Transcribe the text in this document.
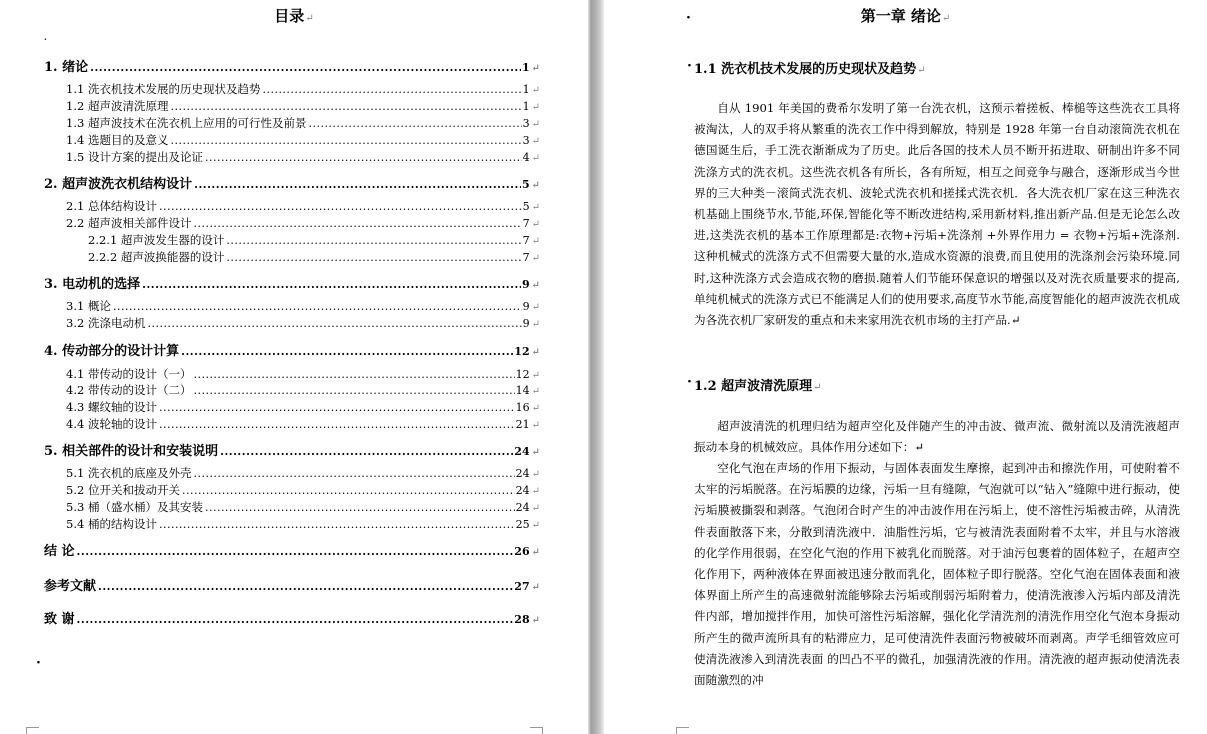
目录↵
·
1. 绪论 .....	1 ↵
1.1 洗衣机技术发展的历史现状及趋势 .....	1 ↵
1.2 超声波清洗原理 .....	1 ↵
1.3 超声波技术在洗衣机上应用的可行性及前景 .....	3 ↵
1.4 选题目的及意义 .....	3 ↵
1.5 设计方案的提出及论证 .....	4 ↵
2. 超声波洗衣机结构设计 .....	5 ↵
2.1 总体结构设计 .....	5 ↵
2.2 超声波相关部件设计 .....	7 ↵
2.2.1 超声波发生器的设计 .....	7 ↵
2.2.2 超声波换能器的设计 .....	7 ↵
3. 电动机的选择 .....	9 ↵
3.1 概论 .....	9 ↵
3.2 洗涤电动机 .....	9 ↵
4. 传动部分的设计计算 .....	12 ↵
4.1 带传动的设计（一） .....	12 ↵
4.2 带传动的设计（二） .....	14 ↵
4.3 螺纹轴的设计 .....	16 ↵
4.4 波轮轴的设计 .....	21 ↵
5. 相关部件的设计和安装说明 .....	24 ↵
5.1 洗衣机的底座及外壳 .....	24 ↵
5.2 位开关和拔动开关 .....	24 ↵
5.3 桶（盛水桶）及其安装 .....	24 ↵
5.4 桶的结构设计 .....	25 ↵
结 论 .....	26 ↵
参考文献 .....	27 ↵
致 谢 .....	28 ↵
·
·	第一章 绪论↵
· 1.1 洗衣机技术发展的历史现状及趋势↵

自从 1901 年美国的费希尔发明了第一台洗衣机，这预示着搓板、棒槌等这些洗衣工具将被淘汰，人的双手将从繁重的洗衣工作中得到解放，特别是 1928 年第一台自动滚筒洗衣机在德国诞生后，手工洗衣渐渐成为了历史。此后各国的技术人员不断开拓进取、研制出许多不同洗涤方式的洗衣机。这些洗衣机各有所长，各有所短，相互之间竞争与融合，逐渐形成当今世界的三大种类－滚筒式洗衣机、波轮式洗衣机和搓揉式洗衣机．各大洗衣机厂家在这三种洗衣机基础上围绕节水,节能,环保,智能化等不断改进结构,采用新材料,推出新产品.但是无论怎么改进,这类洗衣机的基本工作原理都是:衣物+污垢+洗涤剂 +外界作用力 = 衣物+污垢+洗涤剂.这种机械式的洗涤方式不但需要大量的水,造成水资源的浪费,而且使用的洗涤剂会污染环境.同时,这种洗涤方式会造成衣物的磨损.随着人们节能环保意识的增强以及对洗衣质量要求的提高,单纯机械式的洗涤方式已不能满足人们的使用要求,高度节水节能,高度智能化的超声波洗衣机成为各洗衣机厂家研发的重点和未来家用洗衣机市场的主打产品.↵

· 1.2 超声波清洗原理↵

超声波清洗的机理归结为超声空化及伴随产生的冲击波、微声流、微射流以及清洗液超声振动本身的机械效应。具体作用分述如下：↵

空化气泡在声场的作用下振动，与固体表面发生摩擦，起到冲击和擦洗作用，可使附着不太牢的污垢脱落。在污垢膜的边缘，污垢一旦有缝隙，气泡就可以“钻入”缝隙中进行振动，使污垢膜被撕裂和剥落。气泡闭合时产生的冲击波作用在污垢上，使不溶性污垢被击碎，从清洗件表面散落下来，分散到清洗液中．油脂性污垢，它与被清洗表面附着不太牢，并且与水溶液的化学作用很弱，在空化气泡的作用下被乳化而脱落。对于油污包裹着的固体粒子，在超声空化作用下，两种液体在界面被迅速分散而乳化，固体粒子即行脱落。空化气泡在固体表面和液体界面上所产生的高速微射流能够除去污垢或削弱污垢附着力，使清洗液渗入污垢内部及清洗件内部，增加搅拌作用，加快可溶性污垢溶解，强化化学清洗剂的清洗作用空化气泡本身振动所产生的微声流所具有的粘滞应力，足可使清洗件表面污物被破坏而剥离。声学毛细管效应可使清洗液渗入到清洗表面 的凹凸不平的微孔，加强清洗液的作用。清洗液的超声振动使清洗表面随激烈的冲
